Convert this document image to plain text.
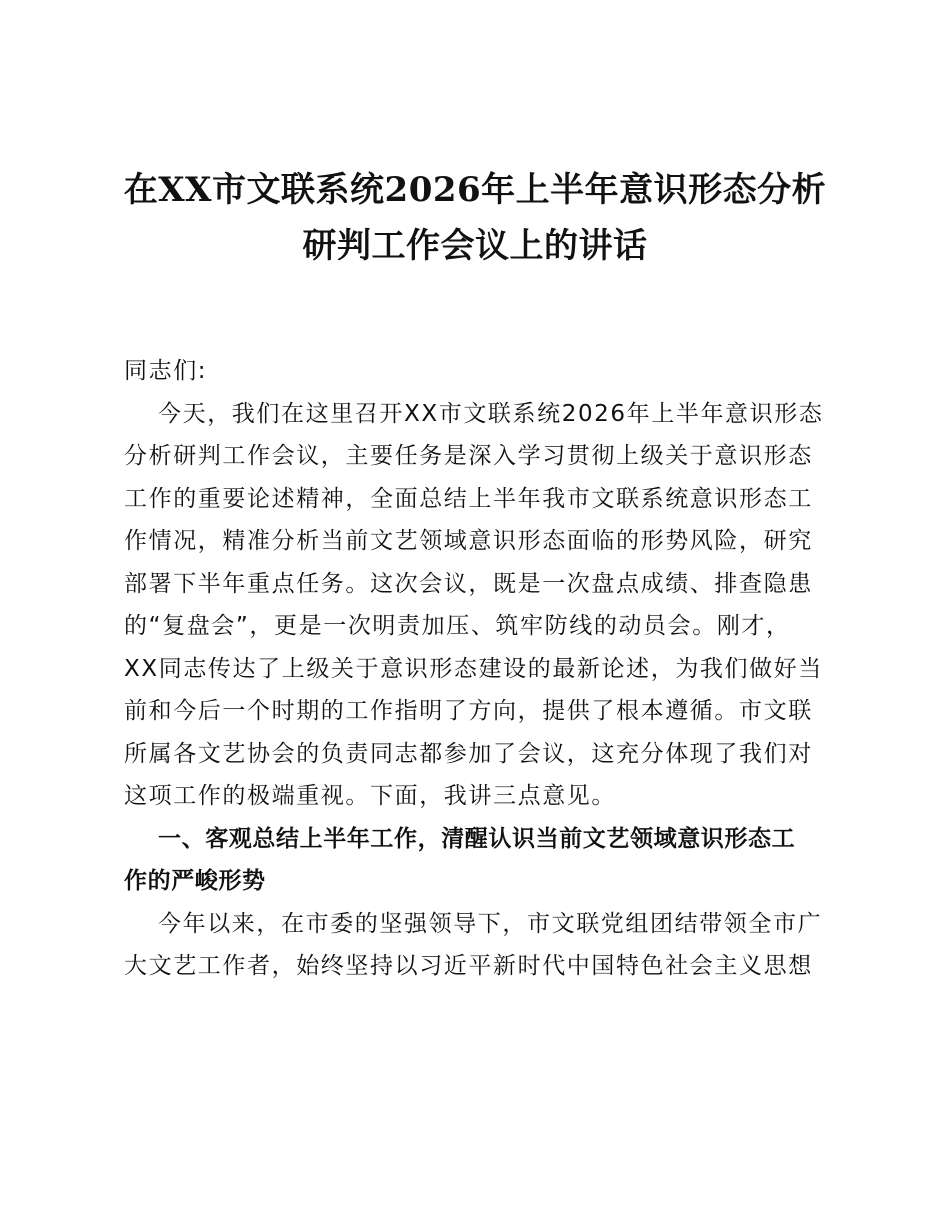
在XX市文联系统2026年上半年意识形态分析
研判工作会议上的讲话
同志们:
今天，我们在这里召开XX市文联系统2026年上半年意识形态
分析研判工作会议，主要任务是深入学习贯彻上级关于意识形态
工作的重要论述精神，全面总结上半年我市文联系统意识形态工
作情况，精准分析当前文艺领域意识形态面临的形势风险，研究
部署下半年重点任务。这次会议，既是一次盘点成绩、排查隐患
的“复盘会”，更是一次明责加压、筑牢防线的动员会。刚才，
XX同志传达了上级关于意识形态建设的最新论述，为我们做好当
前和今后一个时期的工作指明了方向，提供了根本遵循。市文联
所属各文艺协会的负责同志都参加了会议，这充分体现了我们对
这项工作的极端重视。下面，我讲三点意见。
一、客观总结上半年工作，清醒认识当前文艺领域意识形态工
作的严峻形势
今年以来，在市委的坚强领导下，市文联党组团结带领全市广
大文艺工作者，始终坚持以习近平新时代中国特色社会主义思想
